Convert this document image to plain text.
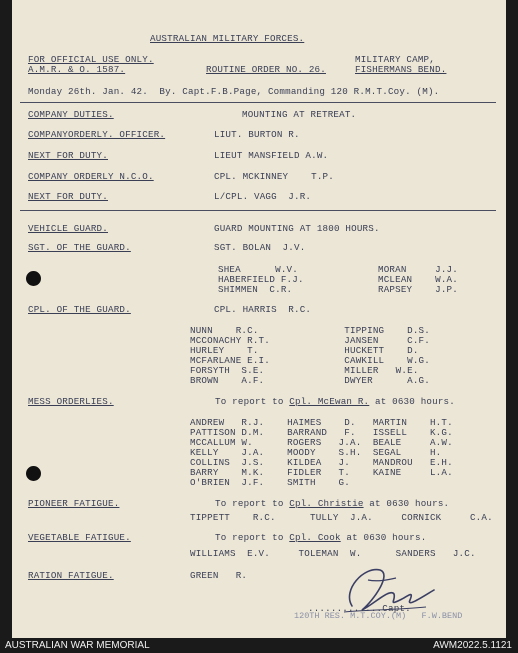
AUSTRALIAN MILITARY FORCES.
FOR OFFICIAL USE ONLY.
A.M.R. & O. 1587.	ROUTINE ORDER NO. 26.
MILITARY CAMP,
FISHERMANS BEND.
Monday 26th. Jan. 42.  By. Capt.F.B.Page, Commanding 120 R.M.T.Coy. (M).
COMPANY DUTIES.	MOUNTING AT RETREAT.
COMPANYORDERLY. OFFICER.	LIUT. BURTON R.
NEXT FOR DUTY.	LIEUT MANSFIELD A.W.
COMPANY ORDERLY N.C.O.	CPL. MCKINNEY    T.P.
NEXT FOR DUTY.	L/CPL. VAGG  J.R.
VEHICLE GUARD.	GUARD MOUNTING AT 1800 HOURS.
SGT. OF THE GUARD.	SGT. BOLAN  J.V.
SHEA      W.V.              MORAN     J.J.
HABERFIELD F.J.             MCLEAN    W.A.
SHIMMEN  C.R.               RAPSEY    J.P.
CPL. OF THE GUARD.	CPL. HARRIS  R.C.
NUNN    R.C.               TIPPING    D.S.
MCCONACHY R.T.             JANSEN     C.F.
HURLEY    T.               HUCKETT    D.
MCFARLANE E.I.             CAWKILL    W.G.
FORSYTH  S.E.              MILLER   W.E.
BROWN    A.F.              DWYER      A.G.
MESS ORDERLIES.	To report to Cpl. McEwan R. at 0630 hours.
ANDREW   R.J.    HAIMES    D.   MARTIN    H.T.
PATTISON D.M.    BARRAND   F.   ISSELL    K.G.
MCCALLUM W.      ROGERS   J.A.  BEALE     A.W.
KELLY    J.A.    MOODY    S.H.  SEGAL     H.
COLLINS  J.S.    KILDEA   J.    MANDROU   E.H.
BARRY    M.K.    FIDLER   T.    KAINE     L.A.
O'BRIEN  J.F.    SMITH    G.
PIONEER FATIGUE.	To report to Cpl. Christie at 0630 hours.
TIPPETT    R.C.      TULLY  J.A.     CORNICK     C.A.
VEGETABLE FATIGUE.	To report to Cpl. Cook at 0630 hours.
WILLIAMS  E.V.     TOLEMAN  W.      SANDERS   J.C.
RATION FATIGUE.	GREEN   R.
.............Capt.
120TH RES. M.T.COY.(M)   F.W.BEND
AUSTRALIAN WAR MEMORIAL	AWM2022.5.1121
